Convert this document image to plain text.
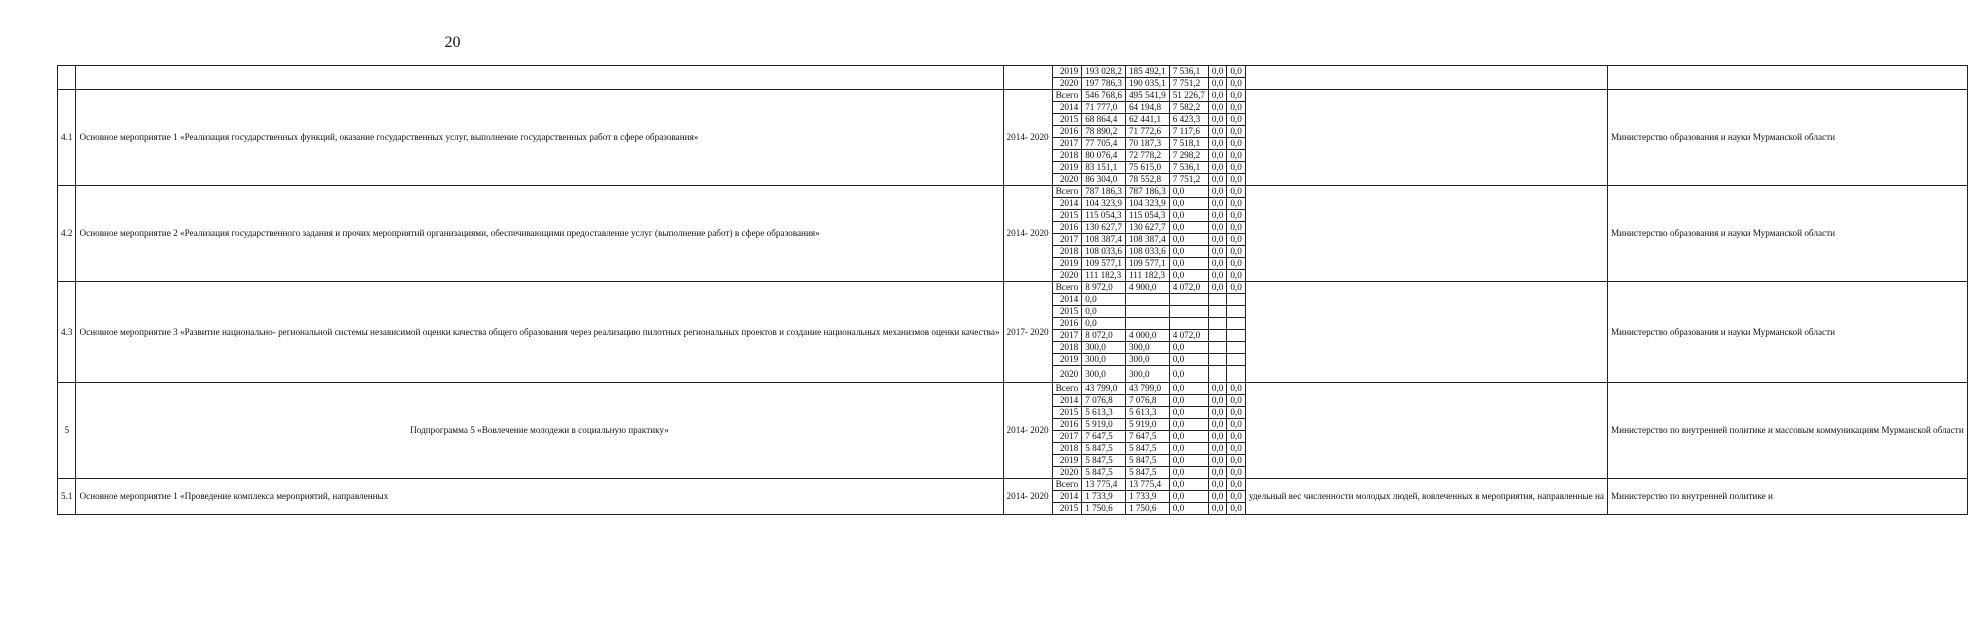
20
			2019	193 028,2	185 492,1	7 536,1	0,0	0,0		
			2020	197 786,3	190 035,1	7 751,2	0,0	0,0		
4.1	Основное мероприятие 1 «Реализация государственных функций, оказание государственных услуг, выполнение государственных работ в сфере образования»	2014- 2020	Всего	546 768,6	495 541,9	51 226,7	0,0	0,0		Министерство образования и науки Мурманской области
			2014	71 777,0	64 194,8	7 582,2	0,0	0,0		
			2015	68 864,4	62 441,1	6 423,3	0,0	0,0		
			2016	78 890,2	71 772,6	7 117,6	0,0	0,0		
			2017	77 705,4	70 187,3	7 518,1	0,0	0,0		
			2018	80 076,4	72 778,2	7 298,2	0,0	0,0		
			2019	83 151,1	75 615,0	7 536,1	0,0	0,0		
			2020	86 304,0	78 552,8	7 751,2	0,0	0,0		
4.2	Основное мероприятие 2 «Реализация государственного задания и прочих мероприятий организациями, обеспечивающими предоставление услуг (выполнение работ) в сфере образования»	2014- 2020	Всего	787 186,3	787 186,3	0,0	0,0	0,0		Министерство образования и науки Мурманской области
			2014	104 323,9	104 323,9	0,0	0,0	0,0		
			2015	115 054,3	115 054,3	0,0	0,0	0,0		
			2016	130 627,7	130 627,7	0,0	0,0	0,0		
			2017	108 387,4	108 387,4	0,0	0,0	0,0		
			2018	108 033,6	108 033,6	0,0	0,0	0,0		
			2019	109 577,1	109 577,1	0,0	0,0	0,0		
			2020	111 182,3	111 182,3	0,0	0,0	0,0		
4.3	Основное мероприятие 3 «Развитие национально- региональной системы независимой оценки качества общего образования через реализацию пилотных региональных проектов и создание национальных механизмов оценки качества»	2017- 2020	Всего	8 972,0	4 900,0	4 072,0	0,0	0,0		Министерство образования и науки Мурманской области
			2014	0,0						
			2015	0,0						
			2016	0,0						
			2017	8 072,0	4 000,0	4 072,0				
			2018	300,0	300,0	0,0				
			2019	300,0	300,0	0,0				
			2020	300,0	300,0	0,0				
5	Подпрограмма 5 «Вовлечение молодежи в социальную практику»	2014- 2020	Всего	43 799,0	43 799,0	0,0	0,0	0,0		Министерство по внутренней политике и массовым коммуникациям Мурманской области
			2014	7 076,8	7 076,8	0,0	0,0	0,0		
			2015	5 613,3	5 613,3	0,0	0,0	0,0		
			2016	5 919,0	5 919,0	0,0	0,0	0,0		
			2017	7 647,5	7 647,5	0,0	0,0	0,0		
			2018	5 847,5	5 847,5	0,0	0,0	0,0		
			2019	5 847,5	5 847,5	0,0	0,0	0,0		
			2020	5 847,5	5 847,5	0,0	0,0	0,0		
5.1	Основное мероприятие 1 «Проведение комплекса мероприятий, направленных	2014- 2020	Всего	13 775,4	13 775,4	0,0	0,0	0,0	удельный вес численности молодых людей, вовлеченных в мероприятия, направленные на	Министерство по внутренней политике и
			2014	1 733,9	1 733,9	0,0	0,0	0,0		
			2015	1 750,6	1 750,6	0,0	0,0	0,0		
